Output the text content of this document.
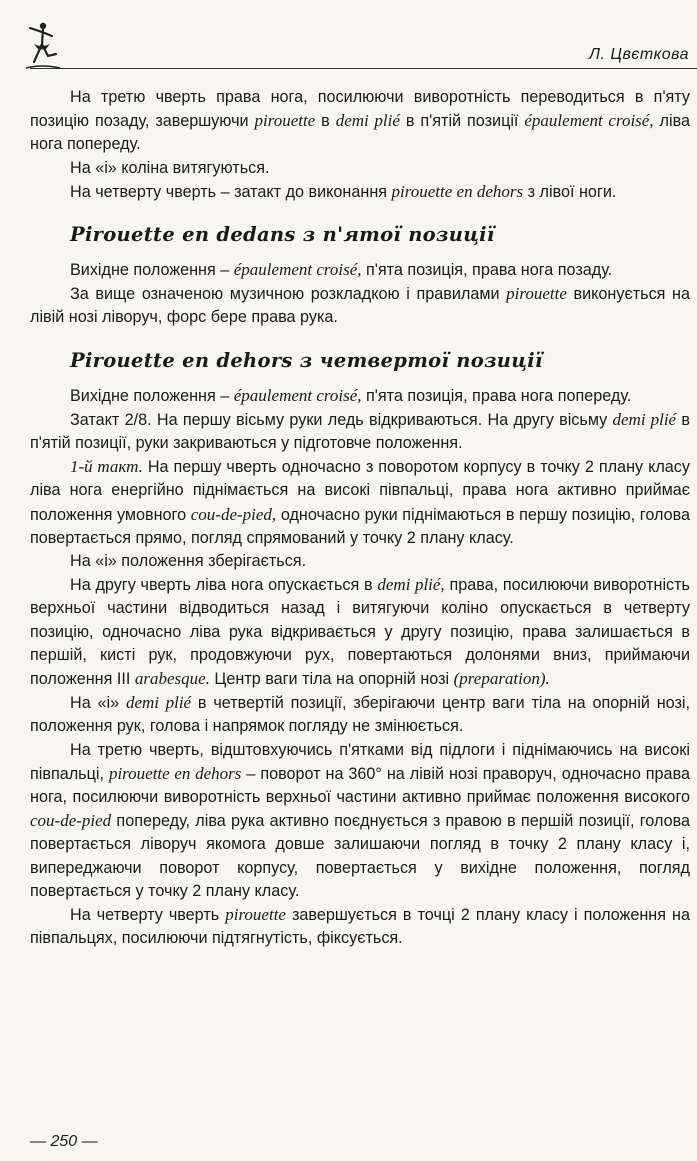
Л. Цвєткова

На третю чверть права нога, посилюючи виворотність переводиться в п'яту позицію позаду, завершуючи pirouette в demi plié в п'ятій позиції épaulement croisé, ліва нога попереду.

На «і» коліна витягуються.

На четверту чверть – затакт до виконання pirouette en dehors з лівої ноги.

Pirouette en dedans з п'ятої позиції

Вихідне положення – épaulement croisé, п'ята позиція, права нога позаду.

За вище означеною музичною розкладкою і правилами pirouette виконується на лівій нозі ліворуч, форс бере права рука.

Pirouette en dehors з четвертої позиції

Вихідне положення – épaulement croisé, п'ята позиція, права нога попереду.

Затакт 2/8. На першу вісьму руки ледь відкриваються. На другу вісьму demi plié в п'ятій позиції, руки закриваються у підготовче положення.

1-й такт. На першу чверть одночасно з поворотом корпусу в точку 2 плану класу ліва нога енергійно піднімається на високі півпальці, права нога активно приймає положення умовного cou-de-pied, одночасно руки піднімаються в першу позицію, голова повертається прямо, погляд спрямований у точку 2 плану класу.

На «і» положення зберігається.

На другу чверть ліва нога опускається в demi plié, права, посилюючи виворотність верхньої частини відводиться назад і витягуючи коліно опускається в четверту позицію, одночасно ліва рука відкривається у другу позицію, права залишається в першій, кисті рук, продовжуючи рух, повертаються долонями вниз, приймаючи положення III arabesque. Центр ваги тіла на опорній нозі (preparation).

На «і» demi plié в четвертій позиції, зберігаючи центр ваги тіла на опорній нозі, положення рук, голова і напрямок погляду не змінюється.

На третю чверть, відштовхуючись п'ятками від підлоги і піднімаючись на високі півпальці, pirouette en dehors – поворот на 360° на лівій нозі праворуч, одночасно права нога, посилюючи виворотність верхньої частини активно приймає положення високого cou-de-pied попереду, ліва рука активно поєднується з правою в першій позиції, голова повертається ліворуч якомога довше залишаючи погляд в точку 2 плану класу і, випереджаючи поворот корпусу, повертається у вихідне положення, погляд повертається у точку 2 плану класу.

На четверту чверть pirouette завершується в точці 2 плану класу і положення на півпальцях, посилюючи підтягнутість, фіксується.

— 250 —
